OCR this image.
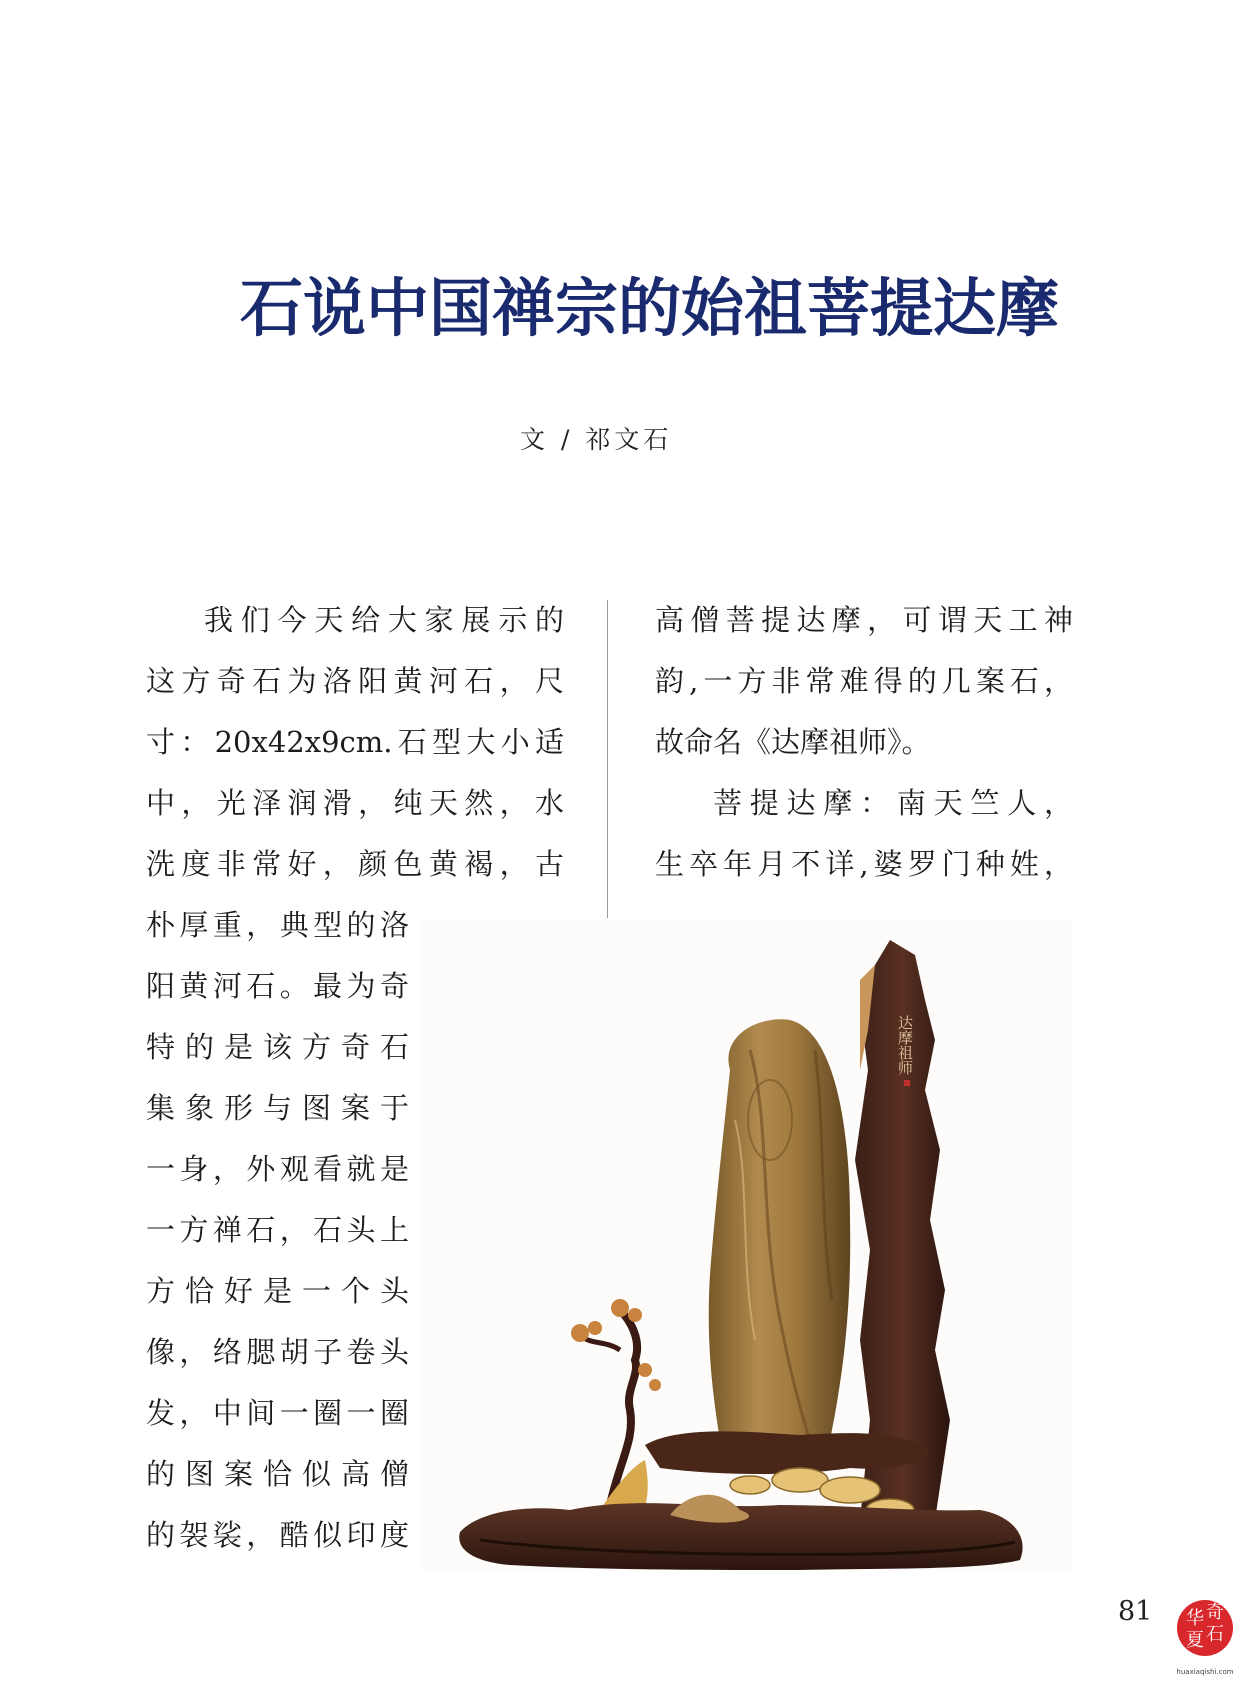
石说中国禅宗的始祖菩提达摩
文 / 祁文石
我们今天给大家展示的
这方奇石为洛阳黄河石，尺
寸：20x42x9cm.石型大小适
中，光泽润滑，纯天然，水
洗度非常好，颜色黄褐，古
朴厚重，典型的洛
阳黄河石。最为奇
特的是该方奇石
集象形与图案于
一身，外观看就是
一方禅石，石头上
方恰好是一个头
像，络腮胡子卷头
发，中间一圈一圈
的图案恰似高僧
的袈裟，酷似印度
高僧菩提达摩，可谓天工神
韵,一方非常难得的几案石，
故命名《达摩祖师》。
菩提达摩：南天竺人，
生卒年月不详,婆罗门种姓，
达摩祖师
81 华 奇
夏 石
huaxiaqishi.com
